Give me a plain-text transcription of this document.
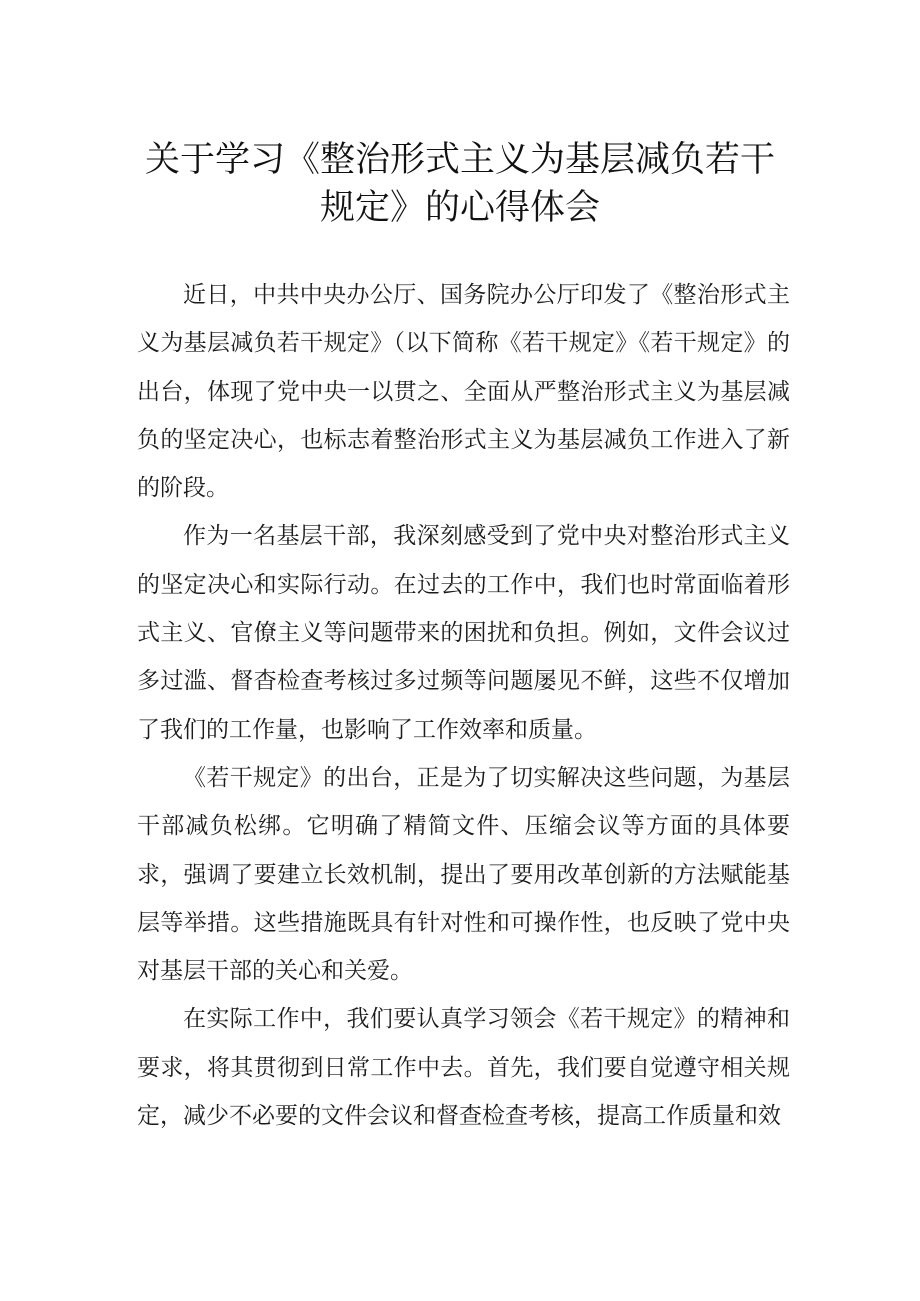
关于学习《整治形式主义为基层减负若干
规定》的心得体会

近日，中共中央办公厅、国务院办公厅印发了《整治形式主义为基层减负若干规定》（以下简称《若干规定》《若干规定》的出台，体现了党中央一以贯之、全面从严整治形式主义为基层减负的坚定决心，也标志着整治形式主义为基层减负工作进入了新的阶段。

作为一名基层干部，我深刻感受到了党中央对整治形式主义的坚定决心和实际行动。在过去的工作中，我们也时常面临着形式主义、官僚主义等问题带来的困扰和负担。例如，文件会议过多过滥、督杳检查考核过多过频等问题屡见不鲜，这些不仅增加了我们的工作量，也影响了工作效率和质量。

《若干规定》的出台，正是为了切实解决这些问题，为基层干部减负松绑。它明确了精简文件、压缩会议等方面的具体要求，强调了要建立长效机制，提出了要用改革创新的方法赋能基层等举措。这些措施既具有针对性和可操作性，也反映了党中央对基层干部的关心和关爱。

在实际工作中，我们要认真学习领会《若干规定》的精神和要求，将其贯彻到日常工作中去。首先，我们要自觉遵守相关规定，减少不必要的文件会议和督查检查考核，提高工作质量和效
